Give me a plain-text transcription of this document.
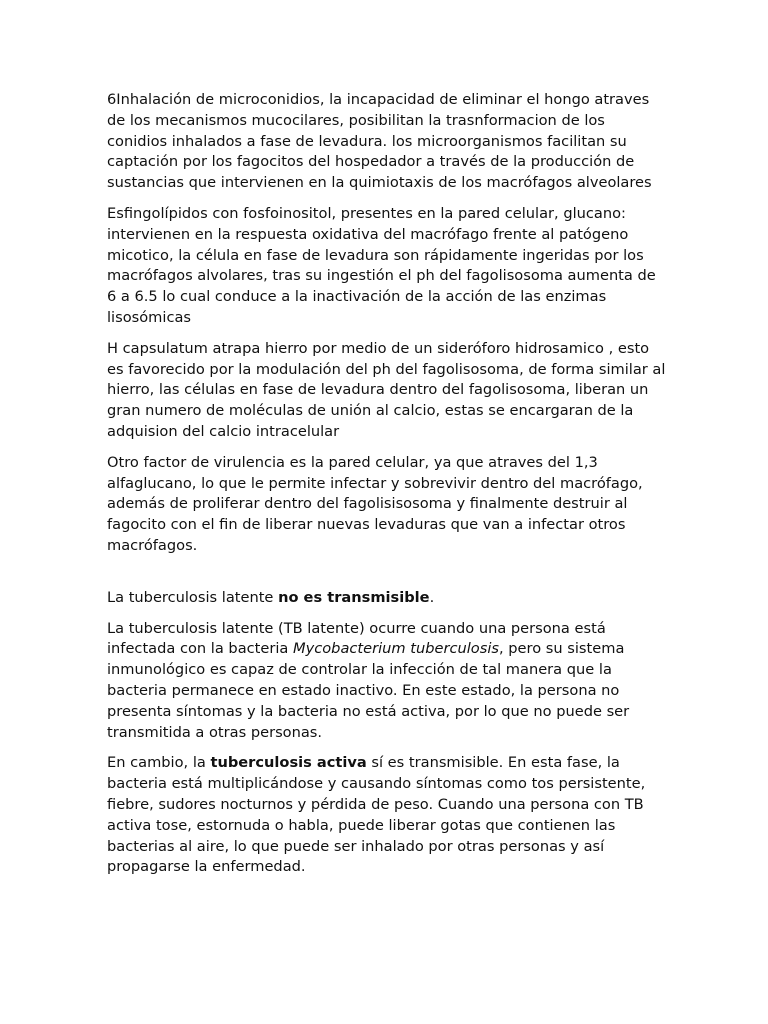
6Inhalación de microconidios, la incapacidad de eliminar el hongo atraves de los mecanismos mucocilares, posibilitan la trasnformacion de los conidios inhalados a fase de levadura. los microorganismos facilitan su captación por los fagocitos del hospedador a través de la producción de sustancias que intervienen en la quimiotaxis de los macrófagos alveolares

Esfingolípidos con fosfoinositol, presentes en la pared celular, glucano: intervienen en la respuesta oxidativa del macrófago frente al patógeno micotico, la célula en fase de levadura son rápidamente ingeridas por los macrófagos alvolares, tras su ingestión el ph del fagolisosoma aumenta de 6 a 6.5 lo cual conduce a la inactivación de la acción de las enzimas lisosómicas

H capsulatum atrapa hierro por medio de un sideróforo hidrosamico , esto es favorecido por la modulación del ph del fagolisosoma, de forma similar al hierro, las células en fase de levadura dentro del fagolisosoma, liberan un gran numero de moléculas de unión al calcio, estas se encargaran de la adquision del calcio intracelular

Otro factor de virulencia es la pared celular, ya que atraves del 1,3 alfaglucano, lo que le permite infectar y sobrevivir dentro del macrófago, además de proliferar dentro del fagolisisosoma y finalmente destruir al fagocito con el fin de liberar nuevas levaduras que van a infectar otros macrófagos.

La tuberculosis latente no es transmisible.

La tuberculosis latente (TB latente) ocurre cuando una persona está infectada con la bacteria Mycobacterium tuberculosis, pero su sistema inmunológico es capaz de controlar la infección de tal manera que la bacteria permanece en estado inactivo. En este estado, la persona no presenta síntomas y la bacteria no está activa, por lo que no puede ser transmitida a otras personas.

En cambio, la tuberculosis activa sí es transmisible. En esta fase, la bacteria está multiplicándose y causando síntomas como tos persistente, fiebre, sudores nocturnos y pérdida de peso. Cuando una persona con TB activa tose, estornuda o habla, puede liberar gotas que contienen las bacterias al aire, lo que puede ser inhalado por otras personas y así propagarse la enfermedad.
